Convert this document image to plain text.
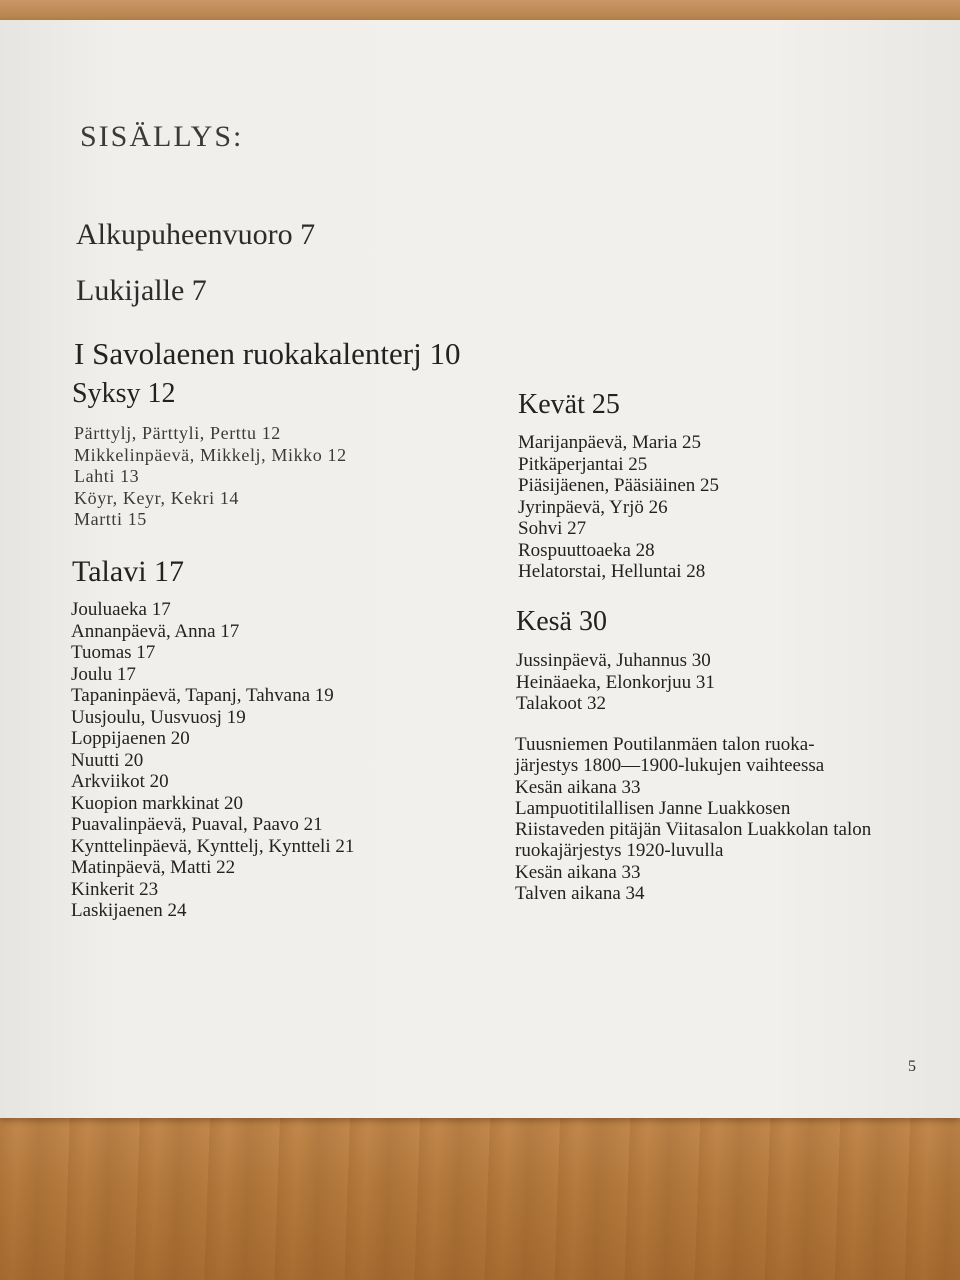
SISÄLLYS:
Alkupuheenvuoro 7
Lukijalle 7
I Savolaenen ruokakalenterj 10
Syksy 12
Pärttylj, Pärttyli, Perttu 12
Mikkelinpäevä, Mikkelj, Mikko 12
Lahti 13
Köyr, Keyr, Kekri 14
Martti 15
Talavi 17
Jouluaeka 17
Annanpäevä, Anna 17
Tuomas 17
Joulu 17
Tapaninpäevä, Tapanj, Tahvana 19
Uusjoulu, Uusvuosj 19
Loppijaenen 20
Nuutti 20
Arkviikot 20
Kuopion markkinat 20
Puavalinpäevä, Puaval, Paavo 21
Kynttelinpäevä, Kynttelj, Kyntteli 21
Matinpäevä, Matti 22
Kinkerit 23
Laskijaenen 24
Kevät 25
Marijanpäevä, Maria 25
Pitkäperjantai 25
Piäsijäenen, Pääsiäinen 25
Jyrinpäevä, Yrjö 26
Sohvi 27
Rospuuttoaeka 28
Helatorstai, Helluntai 28
Kesä 30
Jussinpäevä, Juhannus 30
Heinäaeka, Elonkorjuu 31
Talakoot 32
Tuusniemen Poutilanmäen talon ruoka-
järjestys 1800—1900-lukujen vaihteessa
Kesän aikana 33
Lampuotitilallisen Janne Luakkosen
Riistaveden pitäjän Viitasalon Luakkolan talon
ruokajärjestys 1920-luvulla
Kesän aikana 33
Talven aikana 34
5
